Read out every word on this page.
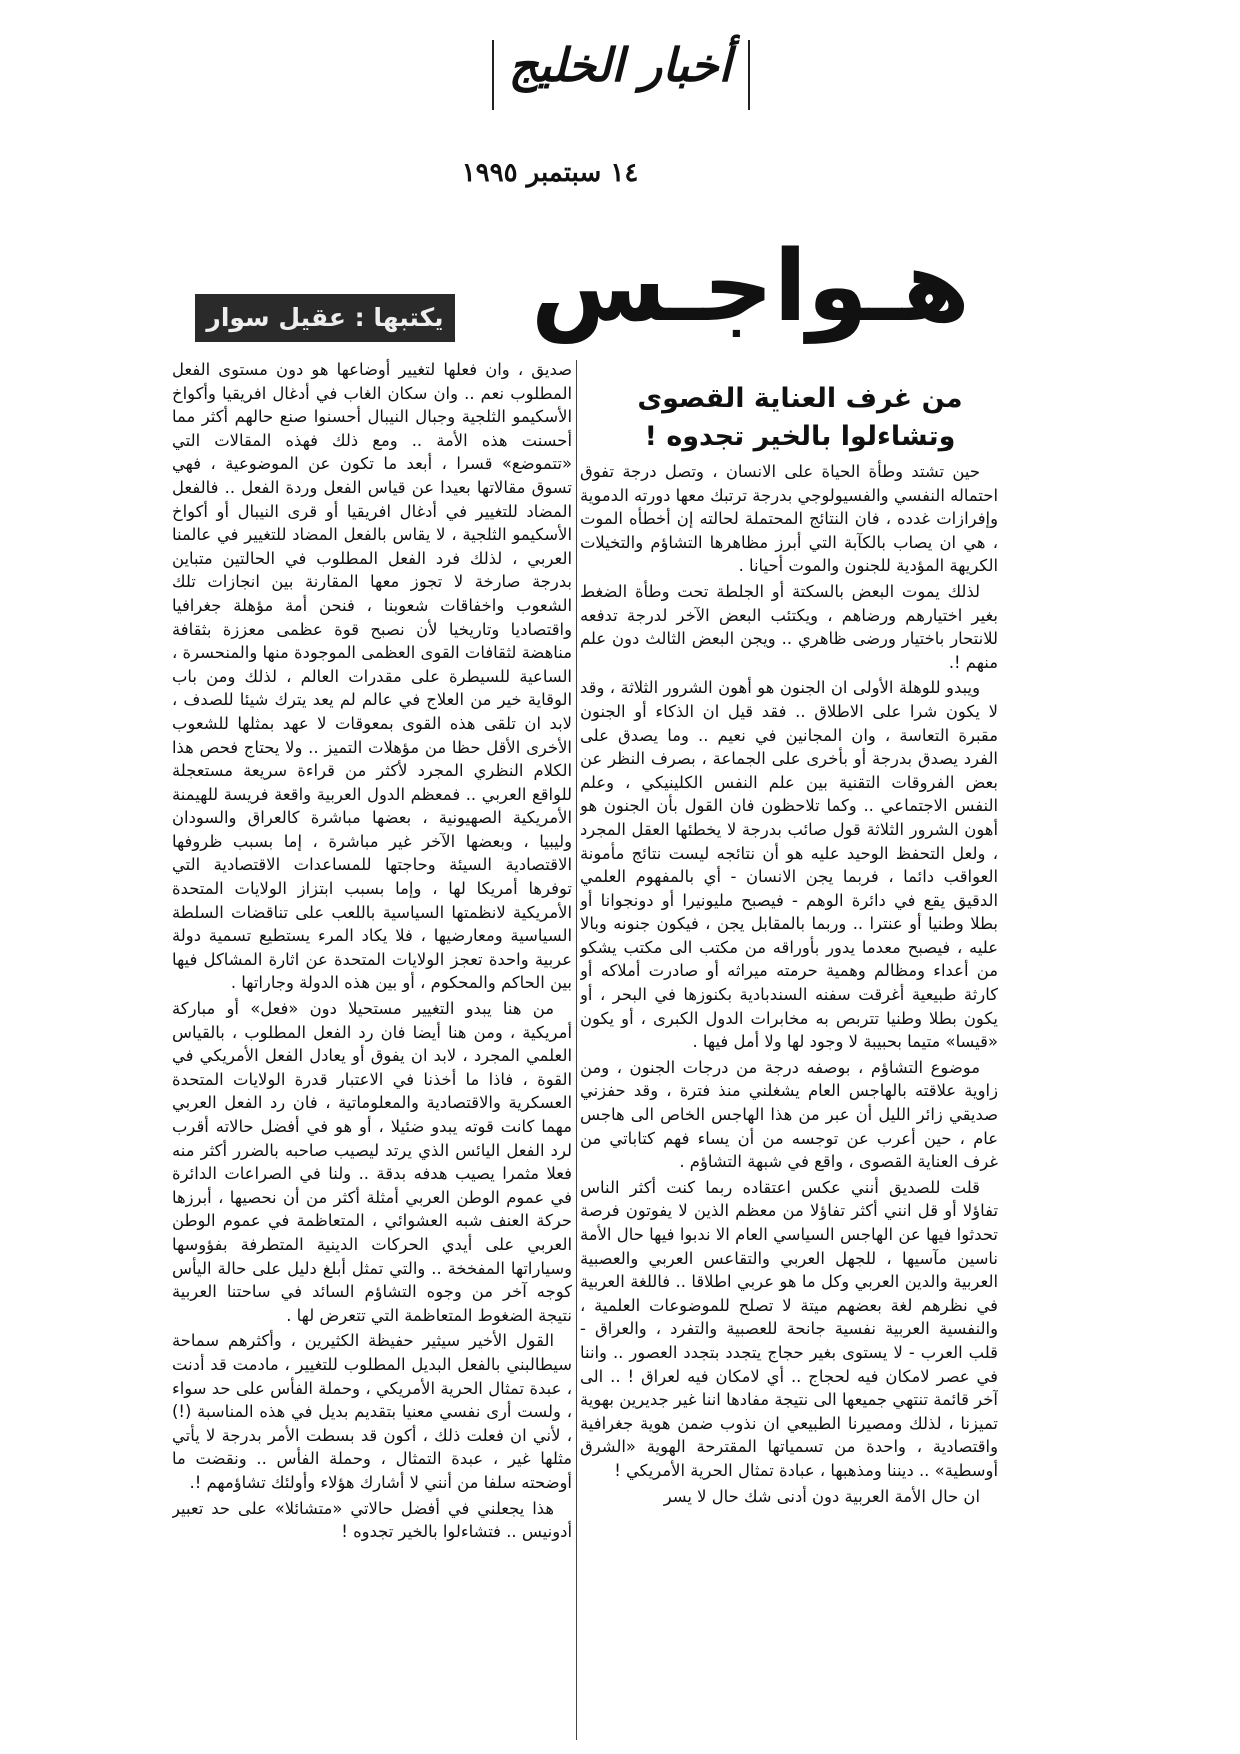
أخبار الخليج
١٤ سبتمبر ١٩٩٥
هـواجـس
يكتبها : عقيل سوار
من غرف العناية القصوى
وتشاءلوا بالخير تجدوه !

حين تشتد وطأة الحياة على الانسان ، وتصل درجة تفوق احتماله النفسي والفسيولوجي بدرجة ترتبك معها دورته الدموية وإفرازات غدده ، فان النتائج المحتملة لحالته إن أخطأه الموت ، هي ان يصاب بالكآبة التي أبرز مظاهرها التشاؤم والتخيلات الكريهة المؤدية للجنون والموت أحيانا .

لذلك يموت البعض بالسكتة أو الجلطة تحت وطأة الضغط بغير اختيارهم ورضاهم ، ويكتئب البعض الآخر لدرجة تدفعه للانتحار باختيار ورضى ظاهري .. ويجن البعض الثالث دون علم منهم !.

ويبدو للوهلة الأولى ان الجنون هو أهون الشرور الثلاثة ، وقد لا يكون شرا على الاطلاق .. فقد قيل ان الذكاء أو الجنون مقبرة التعاسة ، وان المجانين في نعيم .. وما يصدق على الفرد يصدق بدرجة أو بأخرى على الجماعة ، بصرف النظر عن بعض الفروقات التقنية بين علم النفس الكلينيكي ، وعلم النفس الاجتماعي .. وكما تلاحظون فان القول بأن الجنون هو أهون الشرور الثلاثة قول صائب بدرجة لا يخطئها العقل المجرد ، ولعل التحفظ الوحيد عليه هو أن نتائجه ليست نتائج مأمونة العواقب دائما ، فربما يجن الانسان - أي بالمفهوم العلمي الدقيق يقع في دائرة الوهم - فيصبح مليونيرا أو دونجوانا أو بطلا وطنيا أو عنترا .. وربما بالمقابل يجن ، فيكون جنونه وبالا عليه ، فيصبح معدما يدور بأوراقه من مكتب الى مكتب يشكو من أعداء ومظالم وهمية حرمته ميراثه أو صادرت أملاكه أو كارثة طبيعية أغرقت سفنه السندبادية بكنوزها في البحر ، أو يكون بطلا وطنيا تتربص به مخابرات الدول الكبرى ، أو يكون «قيسا» متيما بحبيبة لا وجود لها ولا أمل فيها .

موضوع التشاؤم ، بوصفه درجة من درجات الجنون ، ومن زاوية علاقته بالهاجس العام يشغلني منذ فترة ، وقد حفزني صديقي زائر الليل أن عبر من هذا الهاجس الخاص الى هاجس عام ، حين أعرب عن توجسه من أن يساء فهم كتاباتي من غرف العناية القصوى ، واقع في شبهة التشاؤم .

قلت للصديق أنني عكس اعتقاده ربما كنت أكثر الناس تفاؤلا أو قل انني أكثر تفاؤلا من معظم الذين لا يفوتون فرصة تحدثوا فيها عن الهاجس السياسي العام الا ندبوا فيها حال الأمة ناسين مآسيها ، للجهل العربي والتقاعس العربي والعصبية العربية والدين العربي وكل ما هو عربي اطلاقا .. فاللغة العربية في نظرهم لغة بعضهم ميتة لا تصلح للموضوعات العلمية ، والنفسية العربية نفسية جانحة للعصبية والتفرد ، والعراق - قلب العرب - لا يستوى بغير حجاج يتجدد بتجدد العصور .. واننا في عصر لامكان فيه لحجاج .. أي لامكان فيه لعراق ! .. الى آخر قائمة تنتهي جميعها الى نتيجة مفادها اننا غير جديرين بهوية تميزنا ، لذلك ومصيرنا الطبيعي ان نذوب ضمن هوية جغرافية واقتصادية ، واحدة من تسمياتها المقترحة الهوية «الشرق أوسطية» .. ديننا ومذهبها ، عبادة تمثال الحرية الأمريكي !

ان حال الأمة العربية دون أدنى شك حال لا يسر

صديق ، وان فعلها لتغيير أوضاعها هو دون مستوى الفعل المطلوب نعم .. وان سكان الغاب في أدغال افريقيا وأكواخ الأسكيمو الثلجية وجبال النيبال أحسنوا صنع حالهم أكثر مما أحسنت هذه الأمة .. ومع ذلك فهذه المقالات التي «تتموضع» قسرا ، أبعد ما تكون عن الموضوعية ، فهي تسوق مقالاتها بعيدا عن قياس الفعل وردة الفعل .. فالفعل المضاد للتغيير في أدغال افريقيا أو قرى النيبال أو أكواخ الأسكيمو الثلجية ، لا يقاس بالفعل المضاد للتغيير في عالمنا العربي ، لذلك فرد الفعل المطلوب في الحالتين متباين بدرجة صارخة لا تجوز معها المقارنة بين انجازات تلك الشعوب واخفاقات شعوبنا ، فنحن أمة مؤهلة جغرافيا واقتصاديا وتاريخيا لأن نصبح قوة عظمى معززة بثقافة مناهضة لثقافات القوى العظمى الموجودة منها والمنحسرة ، الساعية للسيطرة على مقدرات العالم ، لذلك ومن باب الوقاية خير من العلاج في عالم لم يعد يترك شيئا للصدف ، لابد ان تلقى هذه القوى بمعوقات لا عهد بمثلها للشعوب الأخرى الأقل حظا من مؤهلات التميز .. ولا يحتاج فحص هذا الكلام النظري المجرد لأكثر من قراءة سريعة مستعجلة للواقع العربي .. فمعظم الدول العربية واقعة فريسة للهيمنة الأمريكية الصهيونية ، بعضها مباشرة كالعراق والسودان وليبيا ، وبعضها الآخر غير مباشرة ، إما بسبب ظروفها الاقتصادية السيئة وحاجتها للمساعدات الاقتصادية التي توفرها أمريكا لها ، وإما بسبب ابتزاز الولايات المتحدة الأمريكية لانظمتها السياسية باللعب على تناقضات السلطة السياسية ومعارضيها ، فلا يكاد المرء يستطيع تسمية دولة عربية واحدة تعجز الولايات المتحدة عن اثارة المشاكل فيها بين الحاكم والمحكوم ، أو بين هذه الدولة وجاراتها .

من هنا يبدو التغيير مستحيلا دون «فعل» أو مباركة أمريكية ، ومن هنا أيضا فان رد الفعل المطلوب ، بالقياس العلمي المجرد ، لابد ان يفوق أو يعادل الفعل الأمريكي في القوة ، فاذا ما أخذنا في الاعتبار قدرة الولايات المتحدة العسكرية والاقتصادية والمعلوماتية ، فان رد الفعل العربي مهما كانت قوته يبدو ضئيلا ، أو هو في أفضل حالاته أقرب لرد الفعل اليائس الذي يرتد ليصيب صاحبه بالضرر أكثر منه فعلا مثمرا يصيب هدفه بدقة .. ولنا في الصراعات الدائرة في عموم الوطن العربي أمثلة أكثر من أن نحصيها ، أبرزها حركة العنف شبه العشوائي ، المتعاظمة في عموم الوطن العربي على أيدي الحركات الدينية المتطرفة بفؤوسها وسياراتها المفخخة .. والتي تمثل أبلغ دليل على حالة اليأس كوجه آخر من وجوه التشاؤم السائد في ساحتنا العربية نتيجة الضغوط المتعاظمة التي تتعرض لها .

القول الأخير سيثير حفيظة الكثيرين ، وأكثرهم سماحة سيطالبني بالفعل البديل المطلوب للتغيير ، مادمت قد أدنت ، عبدة تمثال الحرية الأمريكي ، وحملة الفأس على حد سواء ، ولست أرى نفسي معنيا بتقديم بديل في هذه المناسبة (!) ، لأني ان فعلت ذلك ، أكون قد بسطت الأمر بدرجة لا يأتي مثلها غير ، عبدة التمثال ، وحملة الفأس .. ونقضت ما أوضحته سلفا من أنني لا أشارك هؤلاء وأولئك تشاؤمهم !.

هذا يجعلني في أفضل حالاتي «متشائلا» على حد تعبير أدونيس .. فتشاءلوا بالخير تجدوه !
